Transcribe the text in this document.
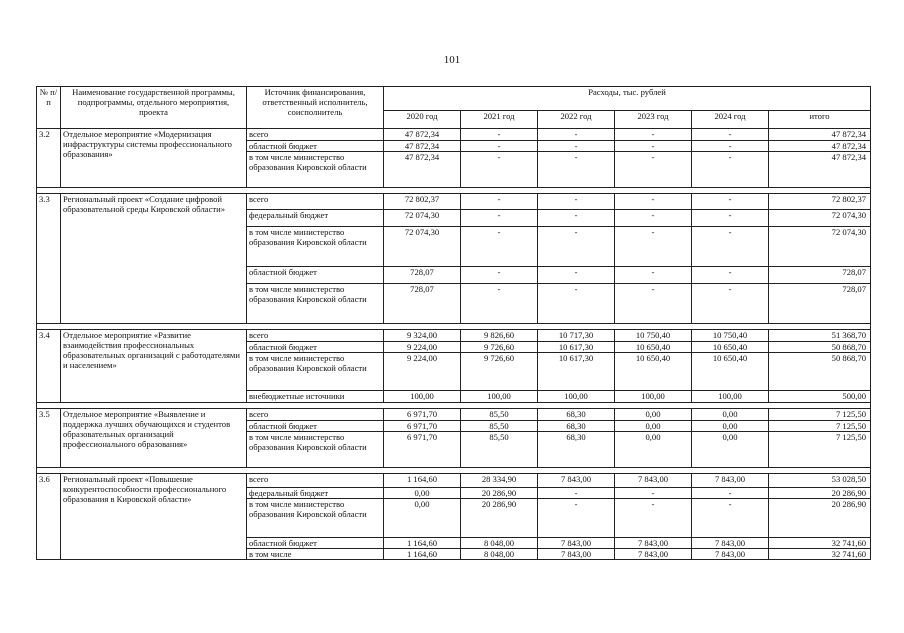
101
№ п/п	Наименование государственной программы, подпрограммы, отдельного мероприятия, проекта	Источник финансирования, ответственный исполнитель, соисполнитель	Расходы, тыс. рублей					
			2020 год	2021 год	2022 год	2023 год	2024 год	итого
3.2	Отдельное мероприятие «Модернизация инфраструктуры системы профессионального образования»	всего	47 872,34	-	-	-	-	47 872,34
		областной бюджет	47 872,34	-	-	-	-	47 872,34
		в том числе министерство образования Кировской области	47 872,34	-	-	-	-	47 872,34

3.3	Региональный проект «Создание цифровой образовательной среды Кировской области»	всего	72 802,37	-	-	-	-	72 802,37
		федеральный бюджет	72 074,30	-	-	-	-	72 074,30
		в том числе министерство образования Кировской области	72 074,30	-	-	-	-	72 074,30
		областной бюджет	728,07	-	-	-	-	728,07
		в том числе министерство образования Кировской области	728,07	-	-	-	-	728,07

3.4	Отдельное мероприятие «Развитие взаимодействия профессиональных образовательных организаций с работодателями и населением»	всего	9 324,00	9 826,60	10 717,30	10 750,40	10 750,40	51 368,70
		областной бюджет	9 224,00	9 726,60	10 617,30	10 650,40	10 650,40	50 868,70
		в том числе министерство образования Кировской области	9 224,00	9 726,60	10 617,30	10 650,40	10 650,40	50 868,70
		внебюджетные источники	100,00	100,00	100,00	100,00	100,00	500,00

3.5	Отдельное мероприятие «Выявление и поддержка лучших обучающихся и студентов образовательных организаций профессионального образования»	всего	6 971,70	85,50	68,30	0,00	0,00	7 125,50
		областной бюджет	6 971,70	85,50	68,30	0,00	0,00	7 125,50
		в том числе министерство образования Кировской области	6 971,70	85,50	68,30	0,00	0,00	7 125,50

3.6	Региональный проект «Повышение конкурентоспособности профессионального образования в Кировской области»	всего	1 164,60	28 334,90	7 843,00	7 843,00	7 843,00	53 028,50
		федеральный бюджет	0,00	20 286,90	-	-	-	20 286,90
		в том числе министерство образования Кировской области	0,00	20 286,90	-	-	-	20 286,90
		областной бюджет	1 164,60	8 048,00	7 843,00	7 843,00	7 843,00	32 741,60
		в том числе	1 164,60	8 048,00	7 843,00	7 843,00	7 843,00	32 741,60
